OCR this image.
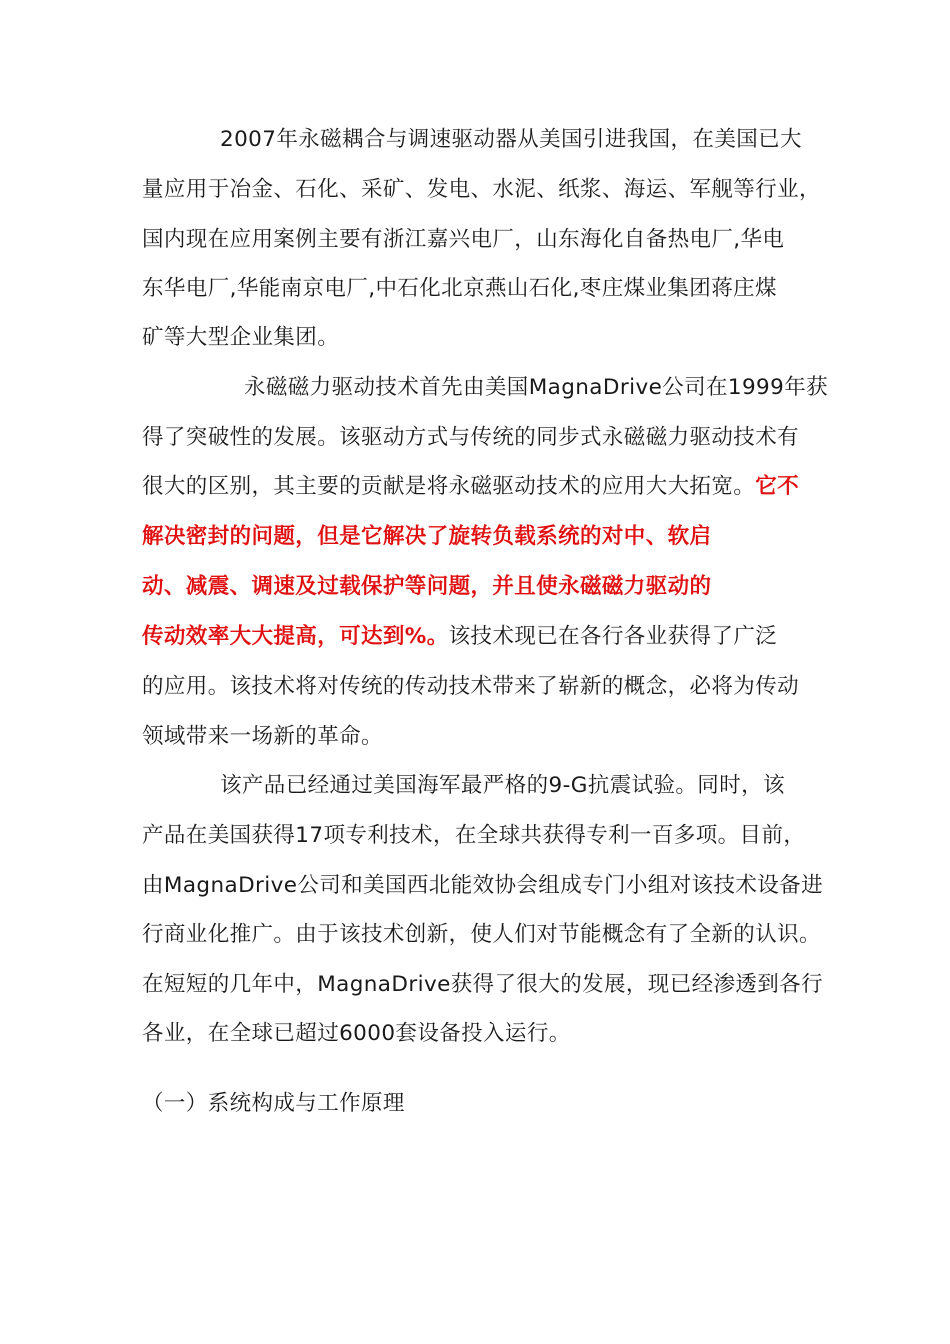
2007年永磁耦合与调速驱动器从美国引进我国，在美国已大
量应用于冶金、石化、采矿、发电、水泥、纸浆、海运、军舰等行业，
国内现在应用案例主要有浙江嘉兴电厂，山东海化自备热电厂,华电
东华电厂,华能南京电厂,中石化北京燕山石化,枣庄煤业集团蒋庄煤
矿等大型企业集团。
永磁磁力驱动技术首先由美国MagnaDrive公司在1999年获
得了突破性的发展。该驱动方式与传统的同步式永磁磁力驱动技术有
很大的区别，其主要的贡献是将永磁驱动技术的应用大大拓宽。它不
解决密封的问题，但是它解决了旋转负载系统的对中、软启
动、减震、调速及过载保护等问题，并且使永磁磁力驱动的
传动效率大大提高，可达到%。该技术现已在各行各业获得了广泛
的应用。该技术将对传统的传动技术带来了崭新的概念，必将为传动
领域带来一场新的革命。
该产品已经通过美国海军最严格的9-G抗震试验。同时，该
产品在美国获得17项专利技术，在全球共获得专利一百多项。目前，
由MagnaDrive公司和美国西北能效协会组成专门小组对该技术设备进
行商业化推广。由于该技术创新，使人们对节能概念有了全新的认识。
在短短的几年中，MagnaDrive获得了很大的发展，现已经渗透到各行
各业，在全球已超过6000套设备投入运行。
（一）系统构成与工作原理
